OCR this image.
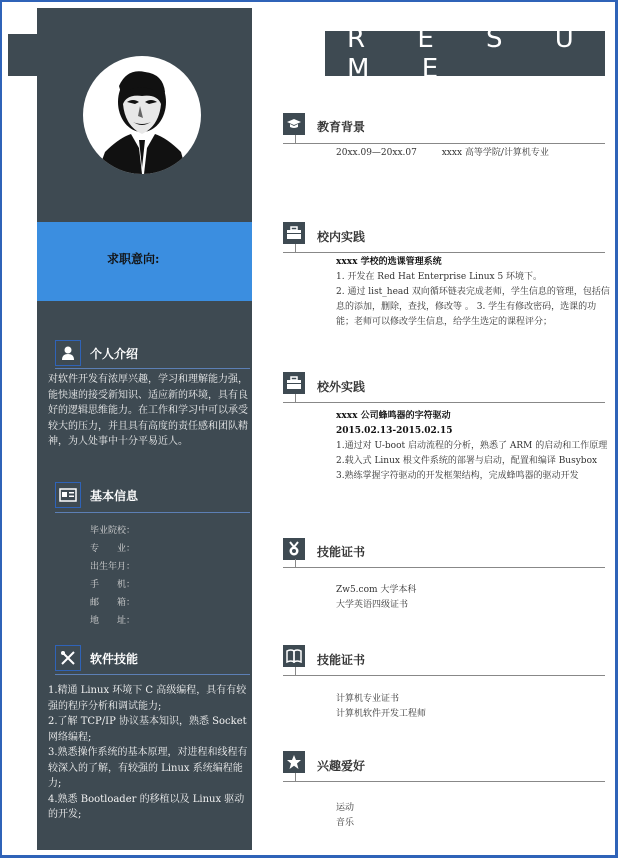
求职意向:
个人介绍
对软件开发有浓厚兴趣，学习和理解能力强，能快速的接受新知识、适应新的环境，具有良好的逻辑思维能力。在工作和学习中可以承受较大的压力，并且具有高度的责任感和团队精神，为人处事中十分平易近人。
基本信息
毕业院校：
专　　业：
出生年月：
手　　机：
邮　　箱：
地　　址：
软件技能
1.精通 Linux 环境下 C 高级编程，具有有较强的程序分析和调试能力;
2.了解 TCP/IP 协议基本知识，熟悉 Socket 网络编程;
3.熟悉操作系统的基本原理，对进程和线程有较深入的了解，有较强的 Linux 系统编程能力;
4.熟悉 Bootloader 的移植以及 Linux 驱动的开发;
R E S U M E
教育背景
20xx.09—20xx.07	xxxx 高等学院/计算机专业
校内实践
xxxx 学校的选课管理系统
1. 开发在 Red Hat Enterprise Linux 5 环境下。
2. 通过 list_head 双向循环链表完成老师，学生信息的管理，包括信息的添加，删除，查找，修改等 。 3. 学生有修改密码，选课的功能；老师可以修改学生信息，给学生选定的课程评分；
校外实践
xxxx 公司蜂鸣器的字符驱动
2015.02.13-2015.02.15
1.通过对 U-boot 启动流程的分析，熟悉了 ARM 的启动和工作原理
2.载入式 Linux 根文件系统的部署与启动，配置和编译 Busybox
3.熟练掌握字符驱动的开发框架结构，完成蜂鸣器的驱动开发
技能证书
Zw5.com 大学本科
大学英语四级证书
技能证书
计算机专业证书
计算机软件开发工程师
兴趣爱好
运动
音乐
